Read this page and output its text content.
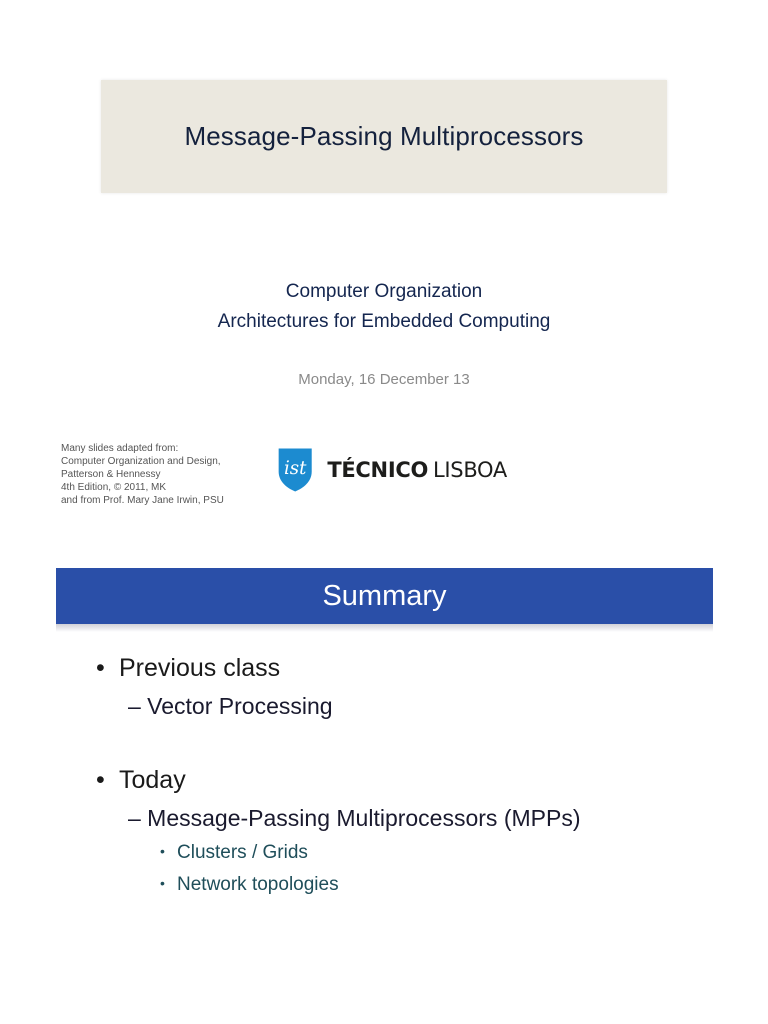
Message-Passing Multiprocessors
Computer Organization
Architectures for Embedded Computing
Monday, 16 December 13
Many slides adapted from:
Computer Organization and Design,
Patterson & Hennessy
4th Edition, © 2011, MK
and from Prof. Mary Jane Irwin, PSU
ist TÉCNICO LISBOA
Summary
• Previous class
– Vector Processing
• Today
– Message-Passing Multiprocessors (MPPs)
• Clusters / Grids
• Network topologies
